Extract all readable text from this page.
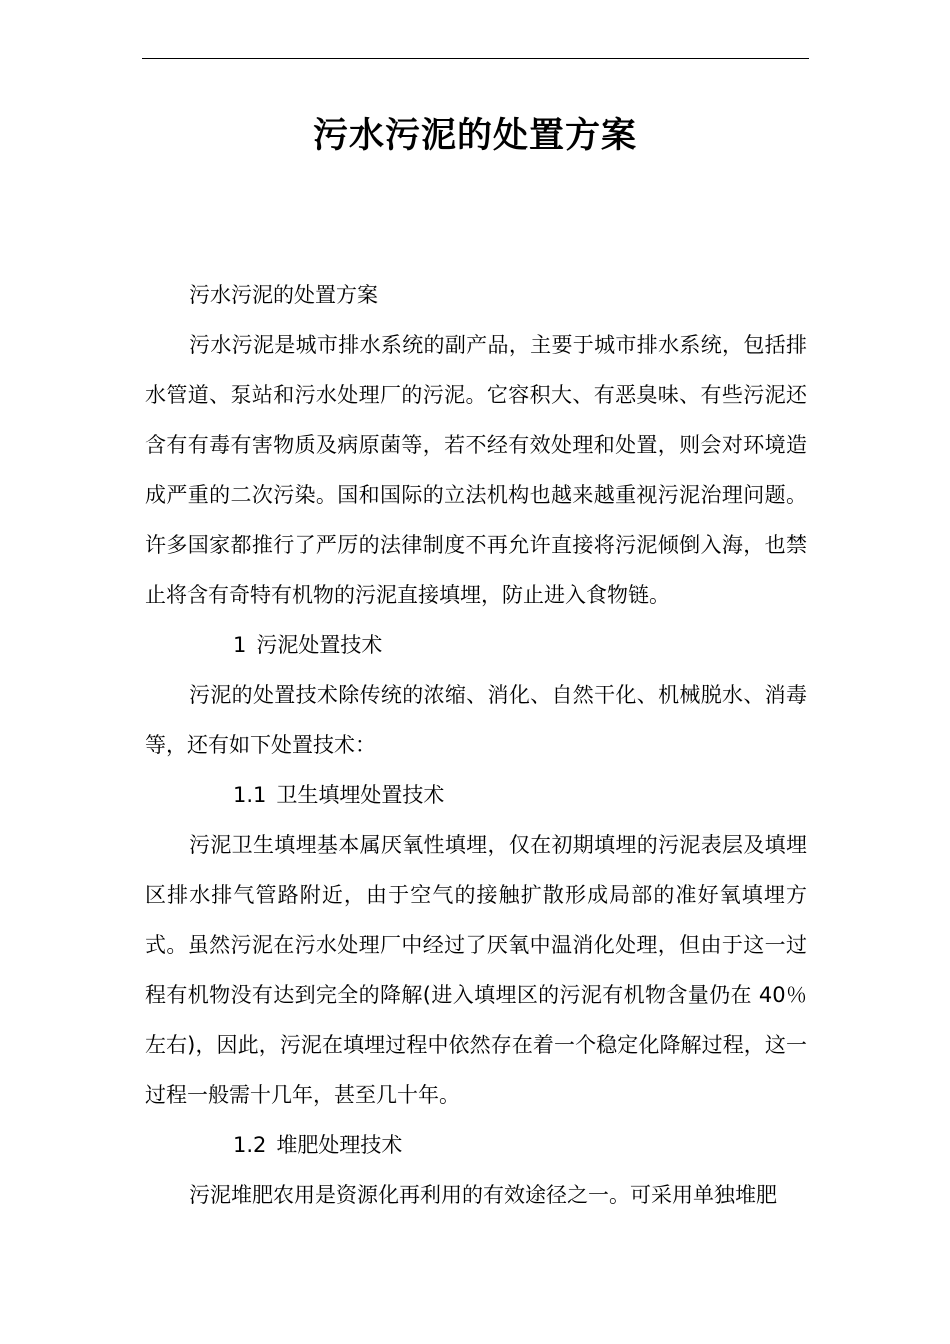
污水污泥的处置方案

污水污泥的处置方案

污水污泥是城市排水系统的副产品，主要于城市排水系统，包括排水管道、泵站和污水处理厂的污泥。它容积大、有恶臭味、有些污泥还含有有毒有害物质及病原菌等，若不经有效处理和处置，则会对环境造成严重的二次污染。国和国际的立法机构也越来越重视污泥治理问题。许多国家都推行了严厉的法律制度不再允许直接将污泥倾倒入海，也禁止将含有奇特有机物的污泥直接填埋，防止进入食物链。

1 污泥处置技术

污泥的处置技术除传统的浓缩、消化、自然干化、机械脱水、消毒等，还有如下处置技术：

1.1 卫生填埋处置技术

污泥卫生填埋基本属厌氧性填埋，仅在初期填埋的污泥表层及填埋区排水排气管路附近，由于空气的接触扩散形成局部的准好氧填埋方式。虽然污泥在污水处理厂中经过了厌氧中温消化处理，但由于这一过程有机物没有达到完全的降解(进入填埋区的污泥有机物含量仍在 40％左右)，因此，污泥在填埋过程中依然存在着一个稳定化降解过程，这一过程一般需十几年，甚至几十年。

1.2 堆肥处理技术

污泥堆肥农用是资源化再利用的有效途径之一。可采用单独堆肥
